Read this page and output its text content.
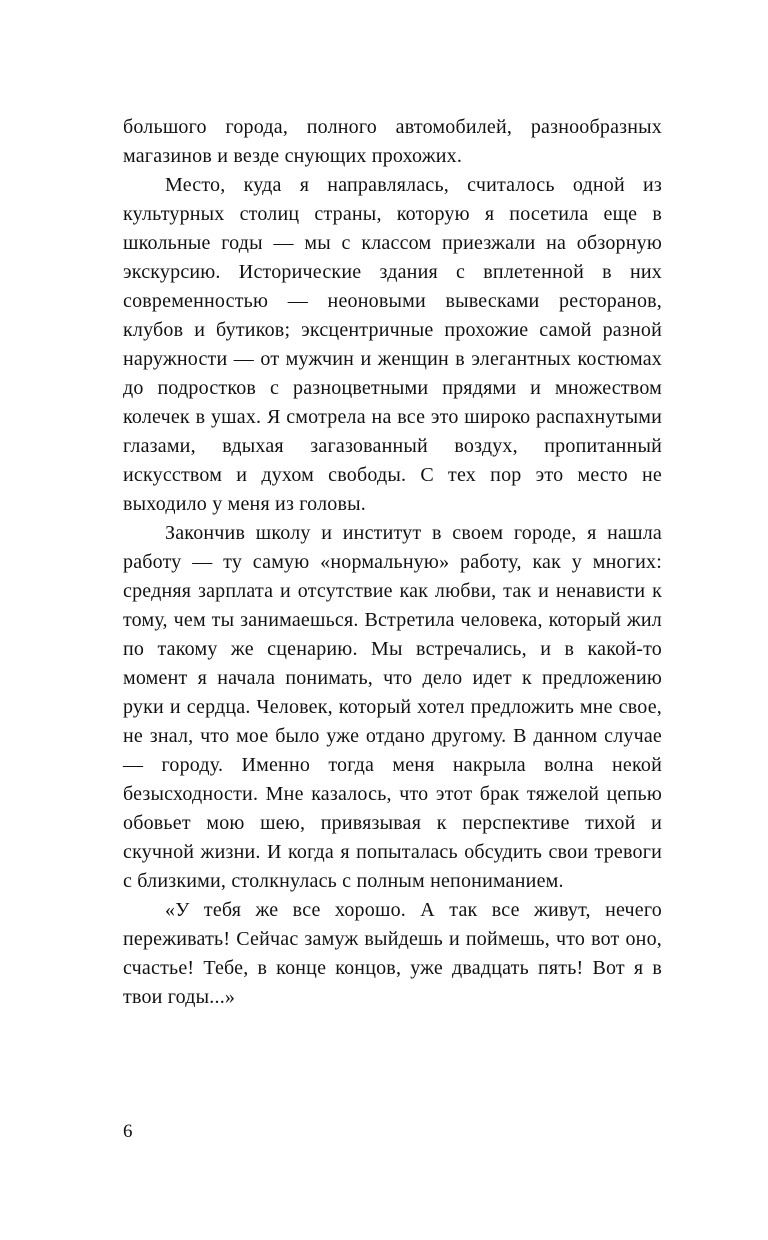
большого города, полного автомобилей, разнообразных магазинов и везде снующих прохожих.

Место, куда я направлялась, считалось одной из культурных столиц страны, которую я посетила еще в школьные годы — мы с классом приезжали на обзорную экскурсию. Исторические здания с вплетенной в них современностью — неоновыми вывесками ресторанов, клубов и бутиков; эксцентричные прохожие самой разной наружности — от мужчин и женщин в элегантных костюмах до подростков с разноцветными прядями и множеством колечек в ушах. Я смотрела на все это широко распахнутыми глазами, вдыхая загазованный воздух, пропитанный искусством и духом свободы. С тех пор это место не выходило у меня из головы.

Закончив школу и институт в своем городе, я нашла работу — ту самую «нормальную» работу, как у многих: средняя зарплата и отсутствие как любви, так и ненависти к тому, чем ты занимаешься. Встретила человека, который жил по такому же сценарию. Мы встречались, и в какой-то момент я начала понимать, что дело идет к предложению руки и сердца. Человек, который хотел предложить мне свое, не знал, что мое было уже отдано другому. В данном случае — городу. Именно тогда меня накрыла волна некой безысходности. Мне казалось, что этот брак тяжелой цепью обовьет мою шею, привязывая к перспективе тихой и скучной жизни. И когда я попыталась обсудить свои тревоги с близкими, столкнулась с полным непониманием.

«У тебя же все хорошо. А так все живут, нечего переживать! Сейчас замуж выйдешь и поймешь, что вот оно, счастье! Тебе, в конце концов, уже двадцать пять! Вот я в твои годы...»

6
